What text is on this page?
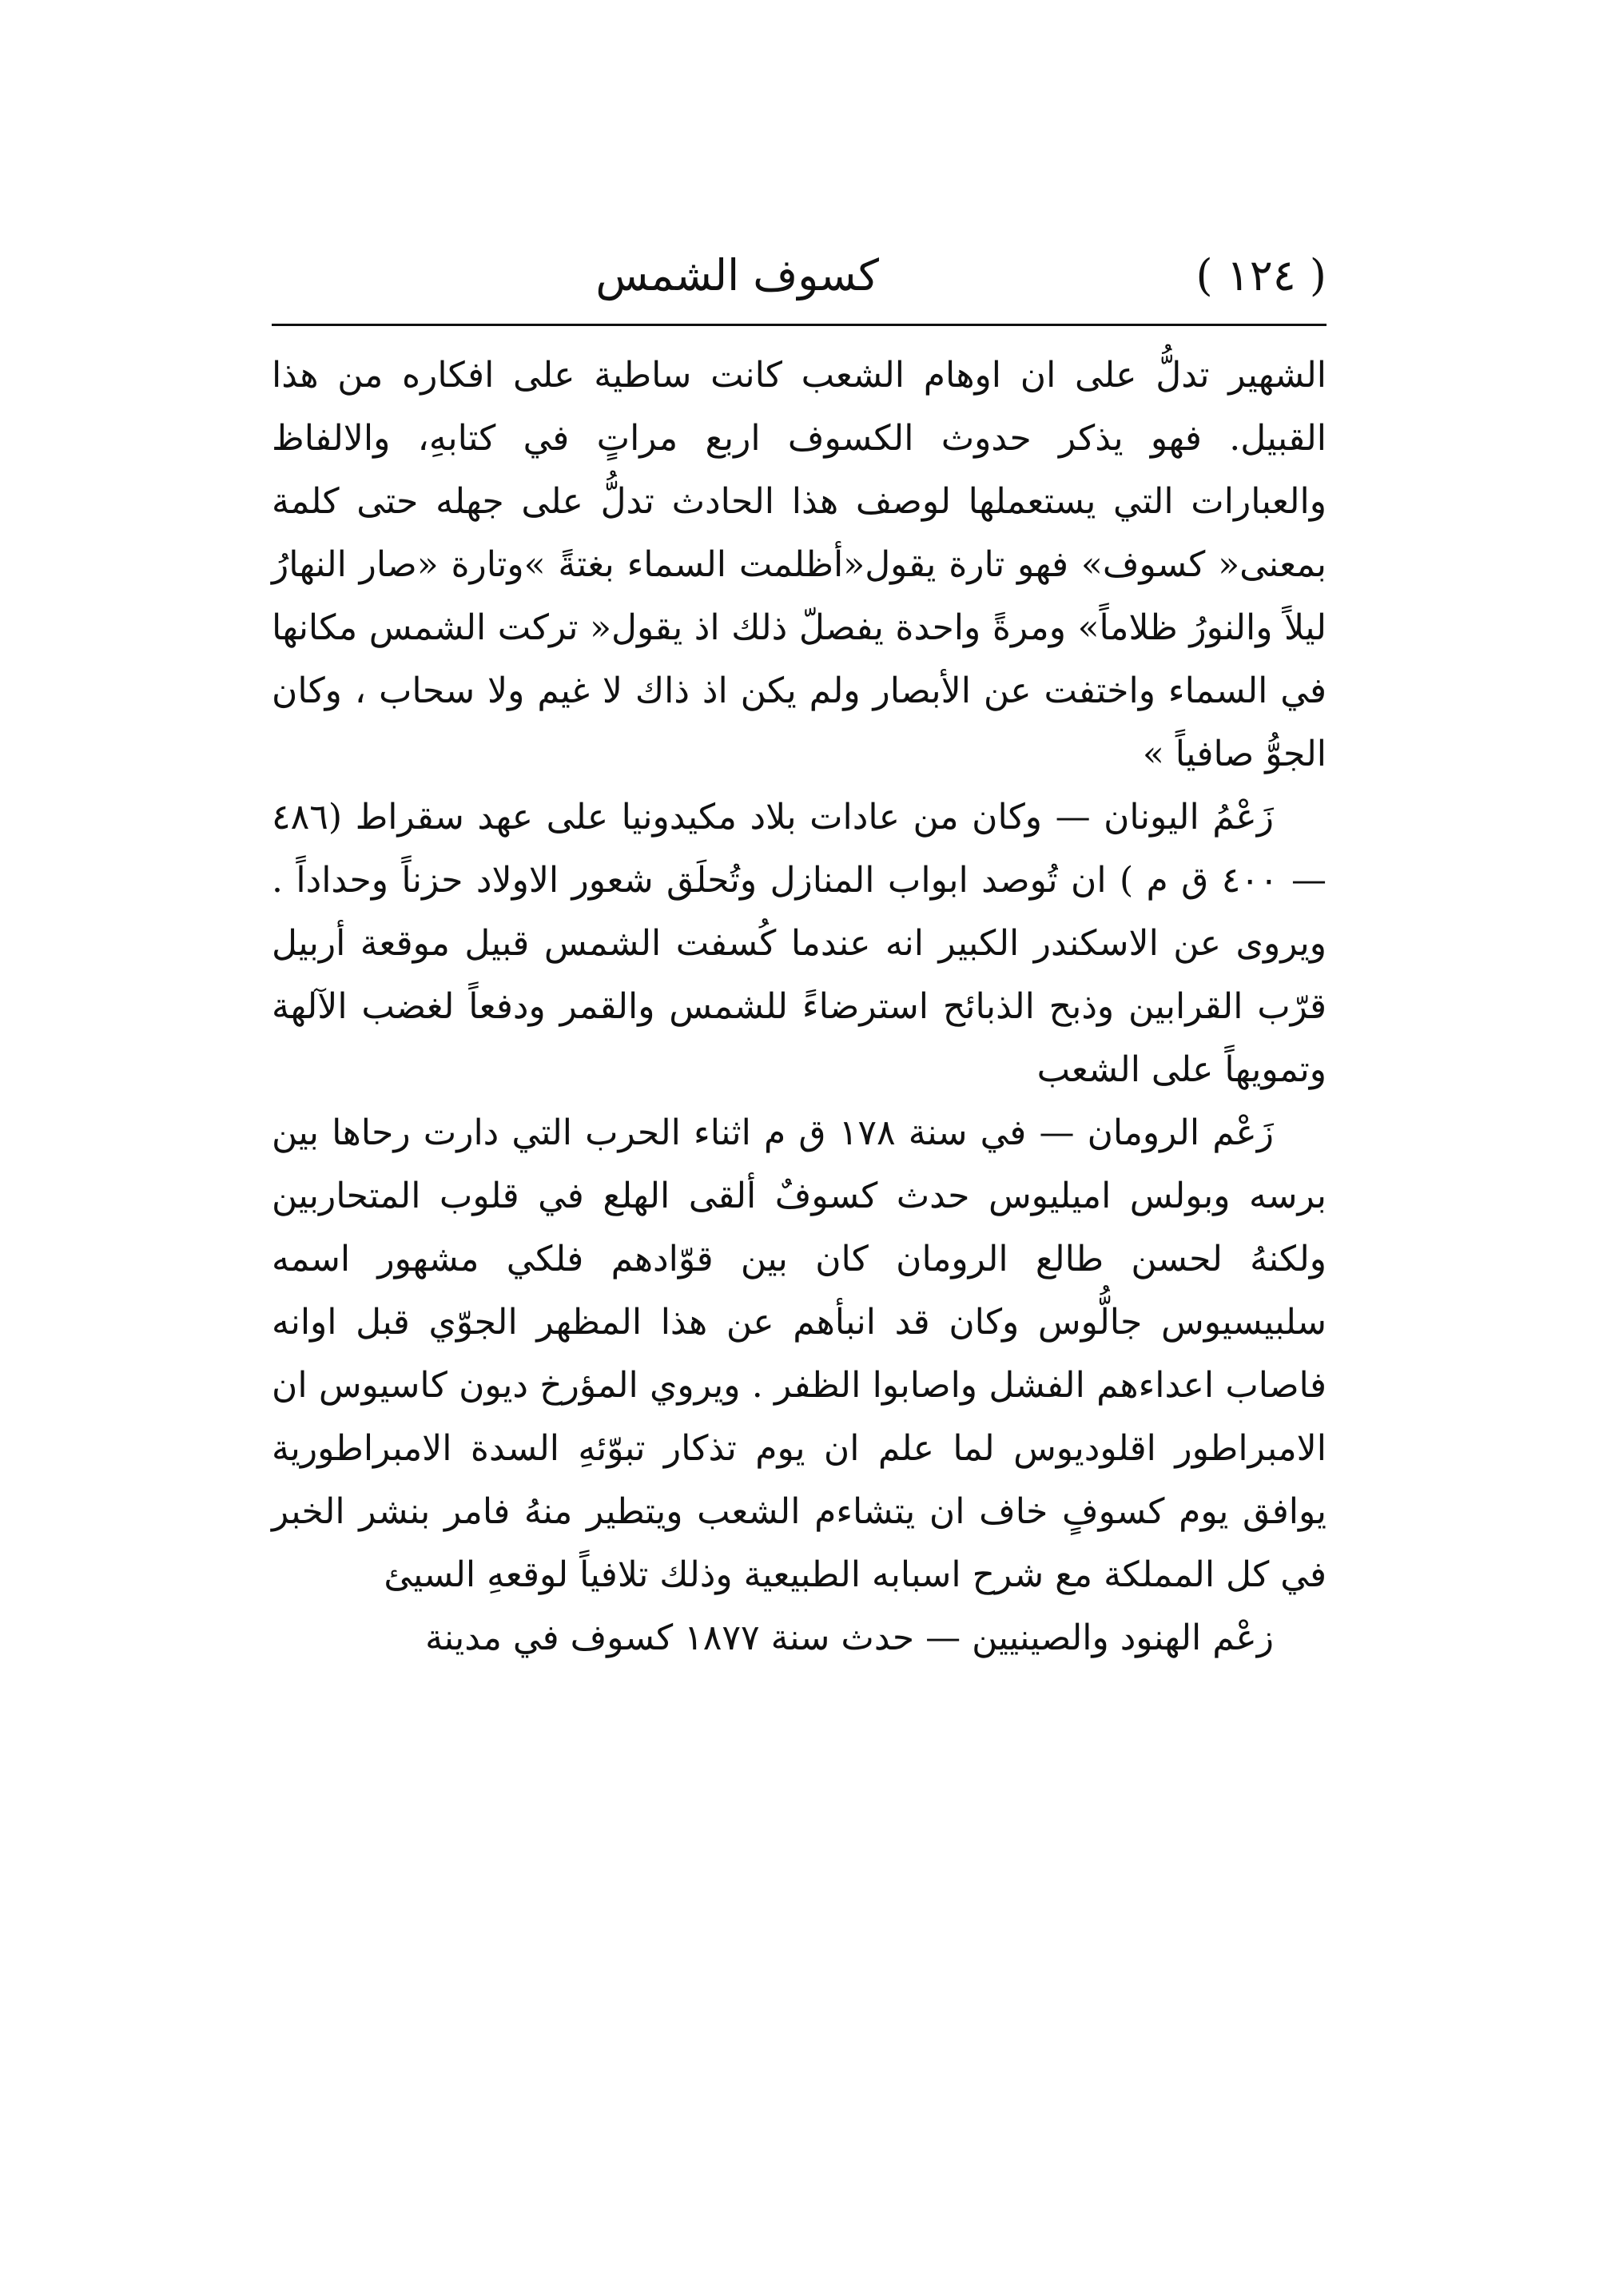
( ١٢٤ )
كسوف الشمس

الشهير تدلُّ على ان اوهام الشعب كانت ساطية على افكاره من هذا القبيل. فهو يذكر حدوث الكسوف اربع مراتٍ في كتابهِ، والالفاظ والعبارات التي يستعملها لوصف هذا الحادث تدلُّ على جهله حتى كلمة بمعنى« كسوف» فهو تارة يقول«أظلمت السماء بغتةً »وتارة «صار النهارُ ليلاً والنورُ ظلاماً» ومرةً واحدة يفصلّ ذلك اذ يقول« تركت الشمس مكانها في السماء واختفت عن الأبصار ولم يكن اذ ذاك لا غيم ولا سحاب ، وكان الجوُّ صافياً »

زَعْمُ اليونان — وكان من عادات بلاد مكيدونيا على عهد سقراط (٤٨٦ — ٤٠٠ ق م ) ان تُوصد ابواب المنازل وتُحلَق شعور الاولاد حزناً وحداداً . ويروى عن الاسكندر الكبير انه عندما كُسفت الشمس قبيل موقعة أربيل قرّب القرابين وذبح الذبائح استرضاءً للشمس والقمر ودفعاً لغضب الآلهة وتمويهاً على الشعب

زَعْم الرومان — في سنة ١٧٨ ق م اثناء الحرب التي دارت رحاها بين برسه وبولس اميليوس حدث كسوفٌ ألقى الهلع في قلوب المتحاربين ولكنهُ لحسن طالع الرومان كان بين قوّادهم فلكي مشهور اسمه سلبيسيوس جالُّوس وكان قد انبأهم عن هذا المظهر الجوّي قبل اوانه فاصاب اعداءهم الفشل واصابوا الظفر . ويروي المؤرخ ديون كاسيوس ان الامبراطور اقلوديوس لما علم ان يوم تذكار تبوّئهِ السدة الامبراطورية يوافق يوم كسوفٍ خاف ان يتشاءم الشعب ويتطير منهُ فامر بنشر الخبر في كل المملكة مع شرح اسبابه الطبيعية وذلك تلافياً لوقعهِ السيئ

زعْم الهنود والصينيين — حدث سنة ١٨٧٧ كسوف في مدينة
